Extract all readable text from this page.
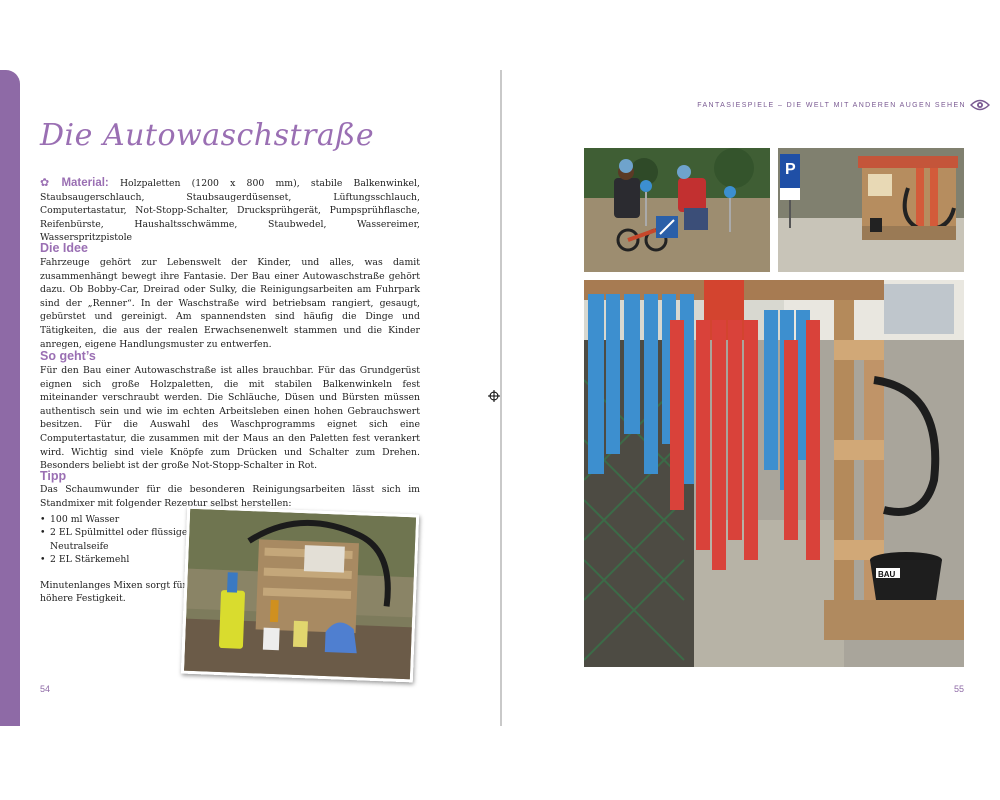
Die Autowaschstraße
✿ Material: Holzpaletten (1200 x 800 mm), stabile Balkenwinkel, Staubsaugerschlauch, Staubsaugerdüsenset, Lüftungsschlauch, Computertastatur, Not-Stopp-Schalter, Drucksprühgerät, Pumpsprühflasche, Reifenbürste, Haushaltsschwämme, Staubwedel, Wassereimer, Wasserspritzpistole
Die Idee
Fahrzeuge gehört zur Lebenswelt der Kinder, und alles, was damit zusammenhängt bewegt ihre Fantasie. Der Bau einer Autowaschstraße gehört dazu. Ob Bobby-Car, Dreirad oder Sulky, die Reinigungsarbeiten am Fuhrpark sind der „Renner“. In der Waschstraße wird betriebsam rangiert, gesaugt, gebürstet und gereinigt. Am spannendsten sind häufig die Dinge und Tätigkeiten, die aus der realen Erwachsenenwelt stammen und die Kinder anregen, eigene Handlungsmuster zu entwerfen.
So geht’s
Für den Bau einer Autowaschstraße ist alles brauchbar. Für das Grundgerüst eignen sich große Holzpaletten, die mit stabilen Balkenwinkeln fest miteinander verschraubt werden. Die Schläuche, Düsen und Bürsten müssen authentisch sein und wie im echten Arbeitsleben einen hohen Gebrauchswert besitzen. Für die Auswahl des Waschprogramms eignet sich eine Computertastatur, die zusammen mit der Maus an den Paletten fest verankert wird. Wichtig sind viele Knöpfe zum Drücken und Schalter zum Drehen. Besonders beliebt ist der große Not-Stopp-Schalter in Rot.
Tipp
Das Schaumwunder für die besonderen Reinigungsarbeiten lässt sich im Standmixer mit folgender Rezeptur selbst herstellen:
• 100 ml Wasser
• 2 EL Spülmittel oder flüssige Neutralseife
• 2 EL Stärkemehl
Minutenlanges Mixen sorgt für höhere Festigkeit.
54
FANTASIESPIELE – DIE WELT MIT ANDEREN AUGEN SEHEN
P
BAU
55
